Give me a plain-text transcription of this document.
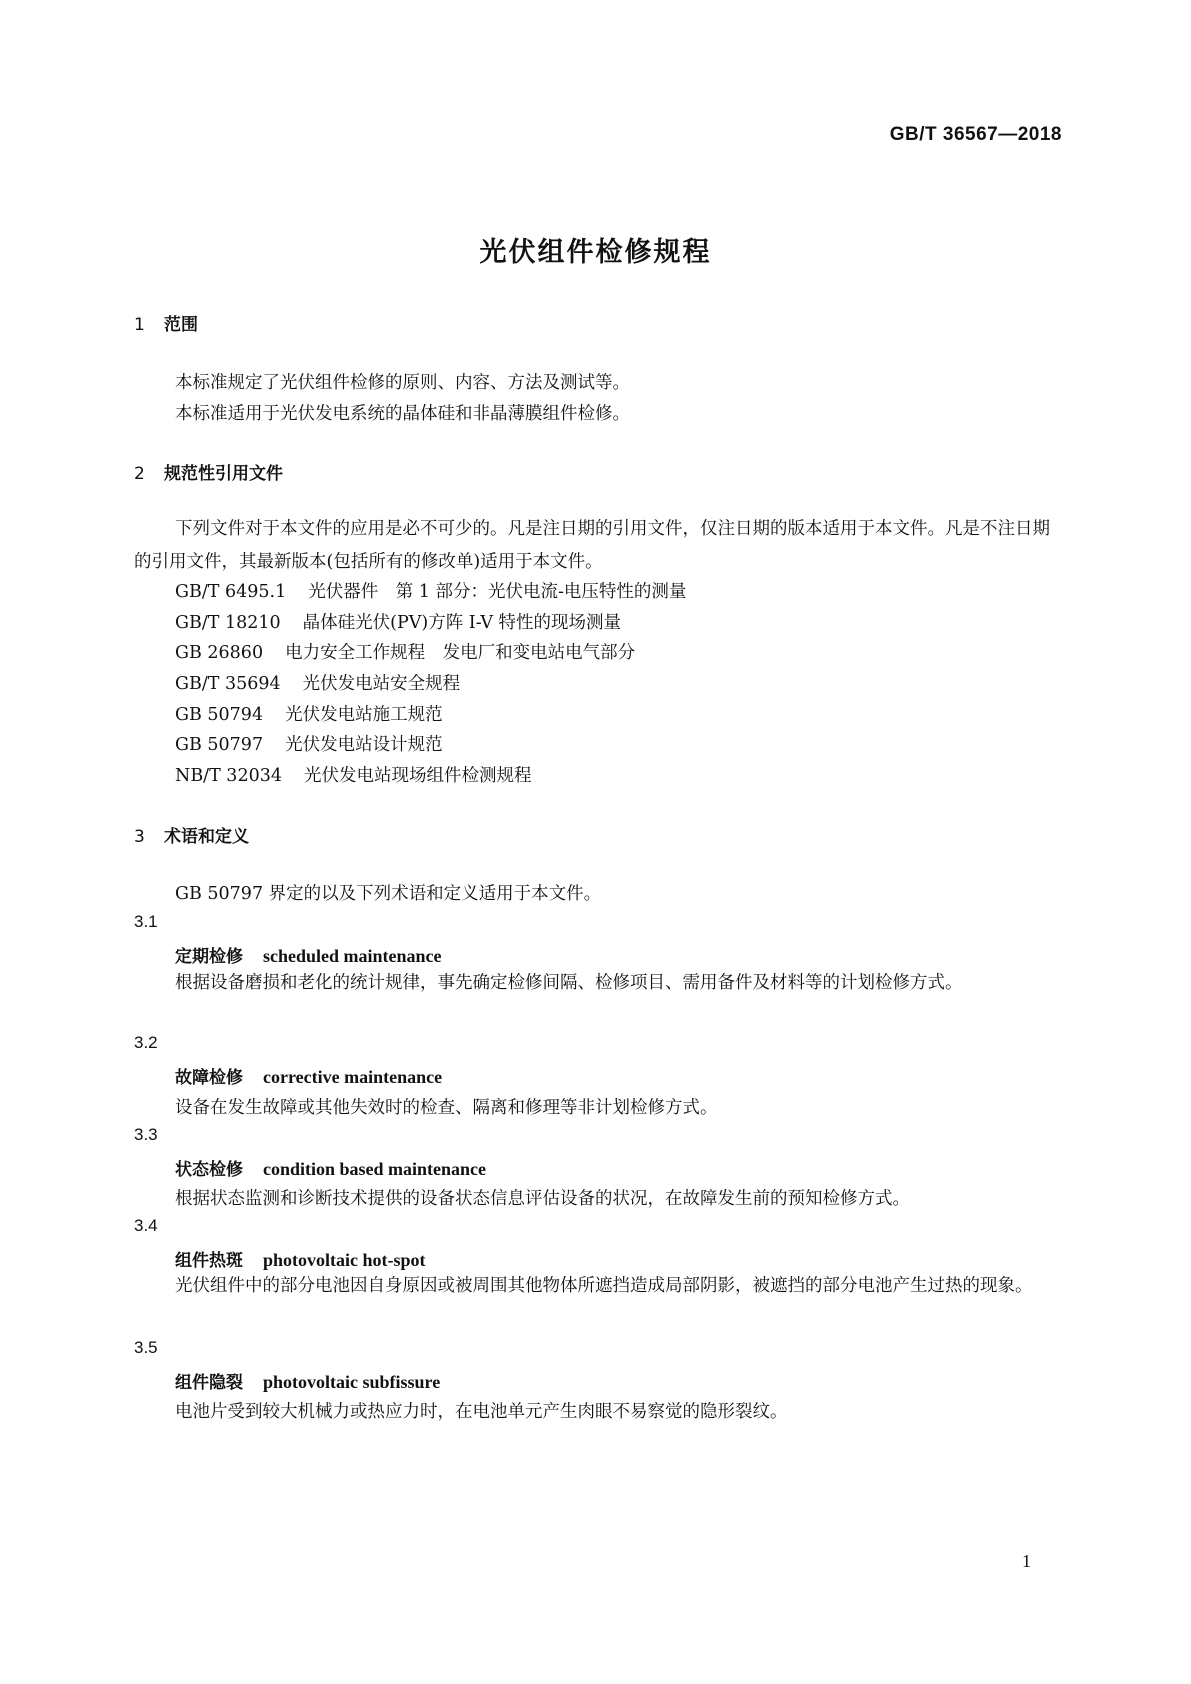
GB/T 36567—2018
光伏组件检修规程
1 范围
本标准规定了光伏组件检修的原则、内容、方法及测试等。
本标准适用于光伏发电系统的晶体硅和非晶薄膜组件检修。
2 规范性引用文件
下列文件对于本文件的应用是必不可少的。凡是注日期的引用文件，仅注日期的版本适用于本文件。凡是不注日期的引用文件，其最新版本(包括所有的修改单)适用于本文件。
GB/T 6495.1 光伏器件　第 1 部分：光伏电流-电压特性的测量
GB/T 18210 晶体硅光伏(PV)方阵 I-V 特性的现场测量
GB 26860 电力安全工作规程　发电厂和变电站电气部分
GB/T 35694 光伏发电站安全规程
GB 50794 光伏发电站施工规范
GB 50797 光伏发电站设计规范
NB/T 32034 光伏发电站现场组件检测规程
3 术语和定义
GB 50797 界定的以及下列术语和定义适用于本文件。
3.1
定期检修 scheduled maintenance
根据设备磨损和老化的统计规律，事先确定检修间隔、检修项目、需用备件及材料等的计划检修方式。
3.2
故障检修 corrective maintenance
设备在发生故障或其他失效时的检查、隔离和修理等非计划检修方式。
3.3
状态检修 condition based maintenance
根据状态监测和诊断技术提供的设备状态信息评估设备的状况，在故障发生前的预知检修方式。
3.4
组件热斑 photovoltaic hot-spot
光伏组件中的部分电池因自身原因或被周围其他物体所遮挡造成局部阴影，被遮挡的部分电池产生过热的现象。
3.5
组件隐裂 photovoltaic subfissure
电池片受到较大机械力或热应力时，在电池单元产生肉眼不易察觉的隐形裂纹。
1
